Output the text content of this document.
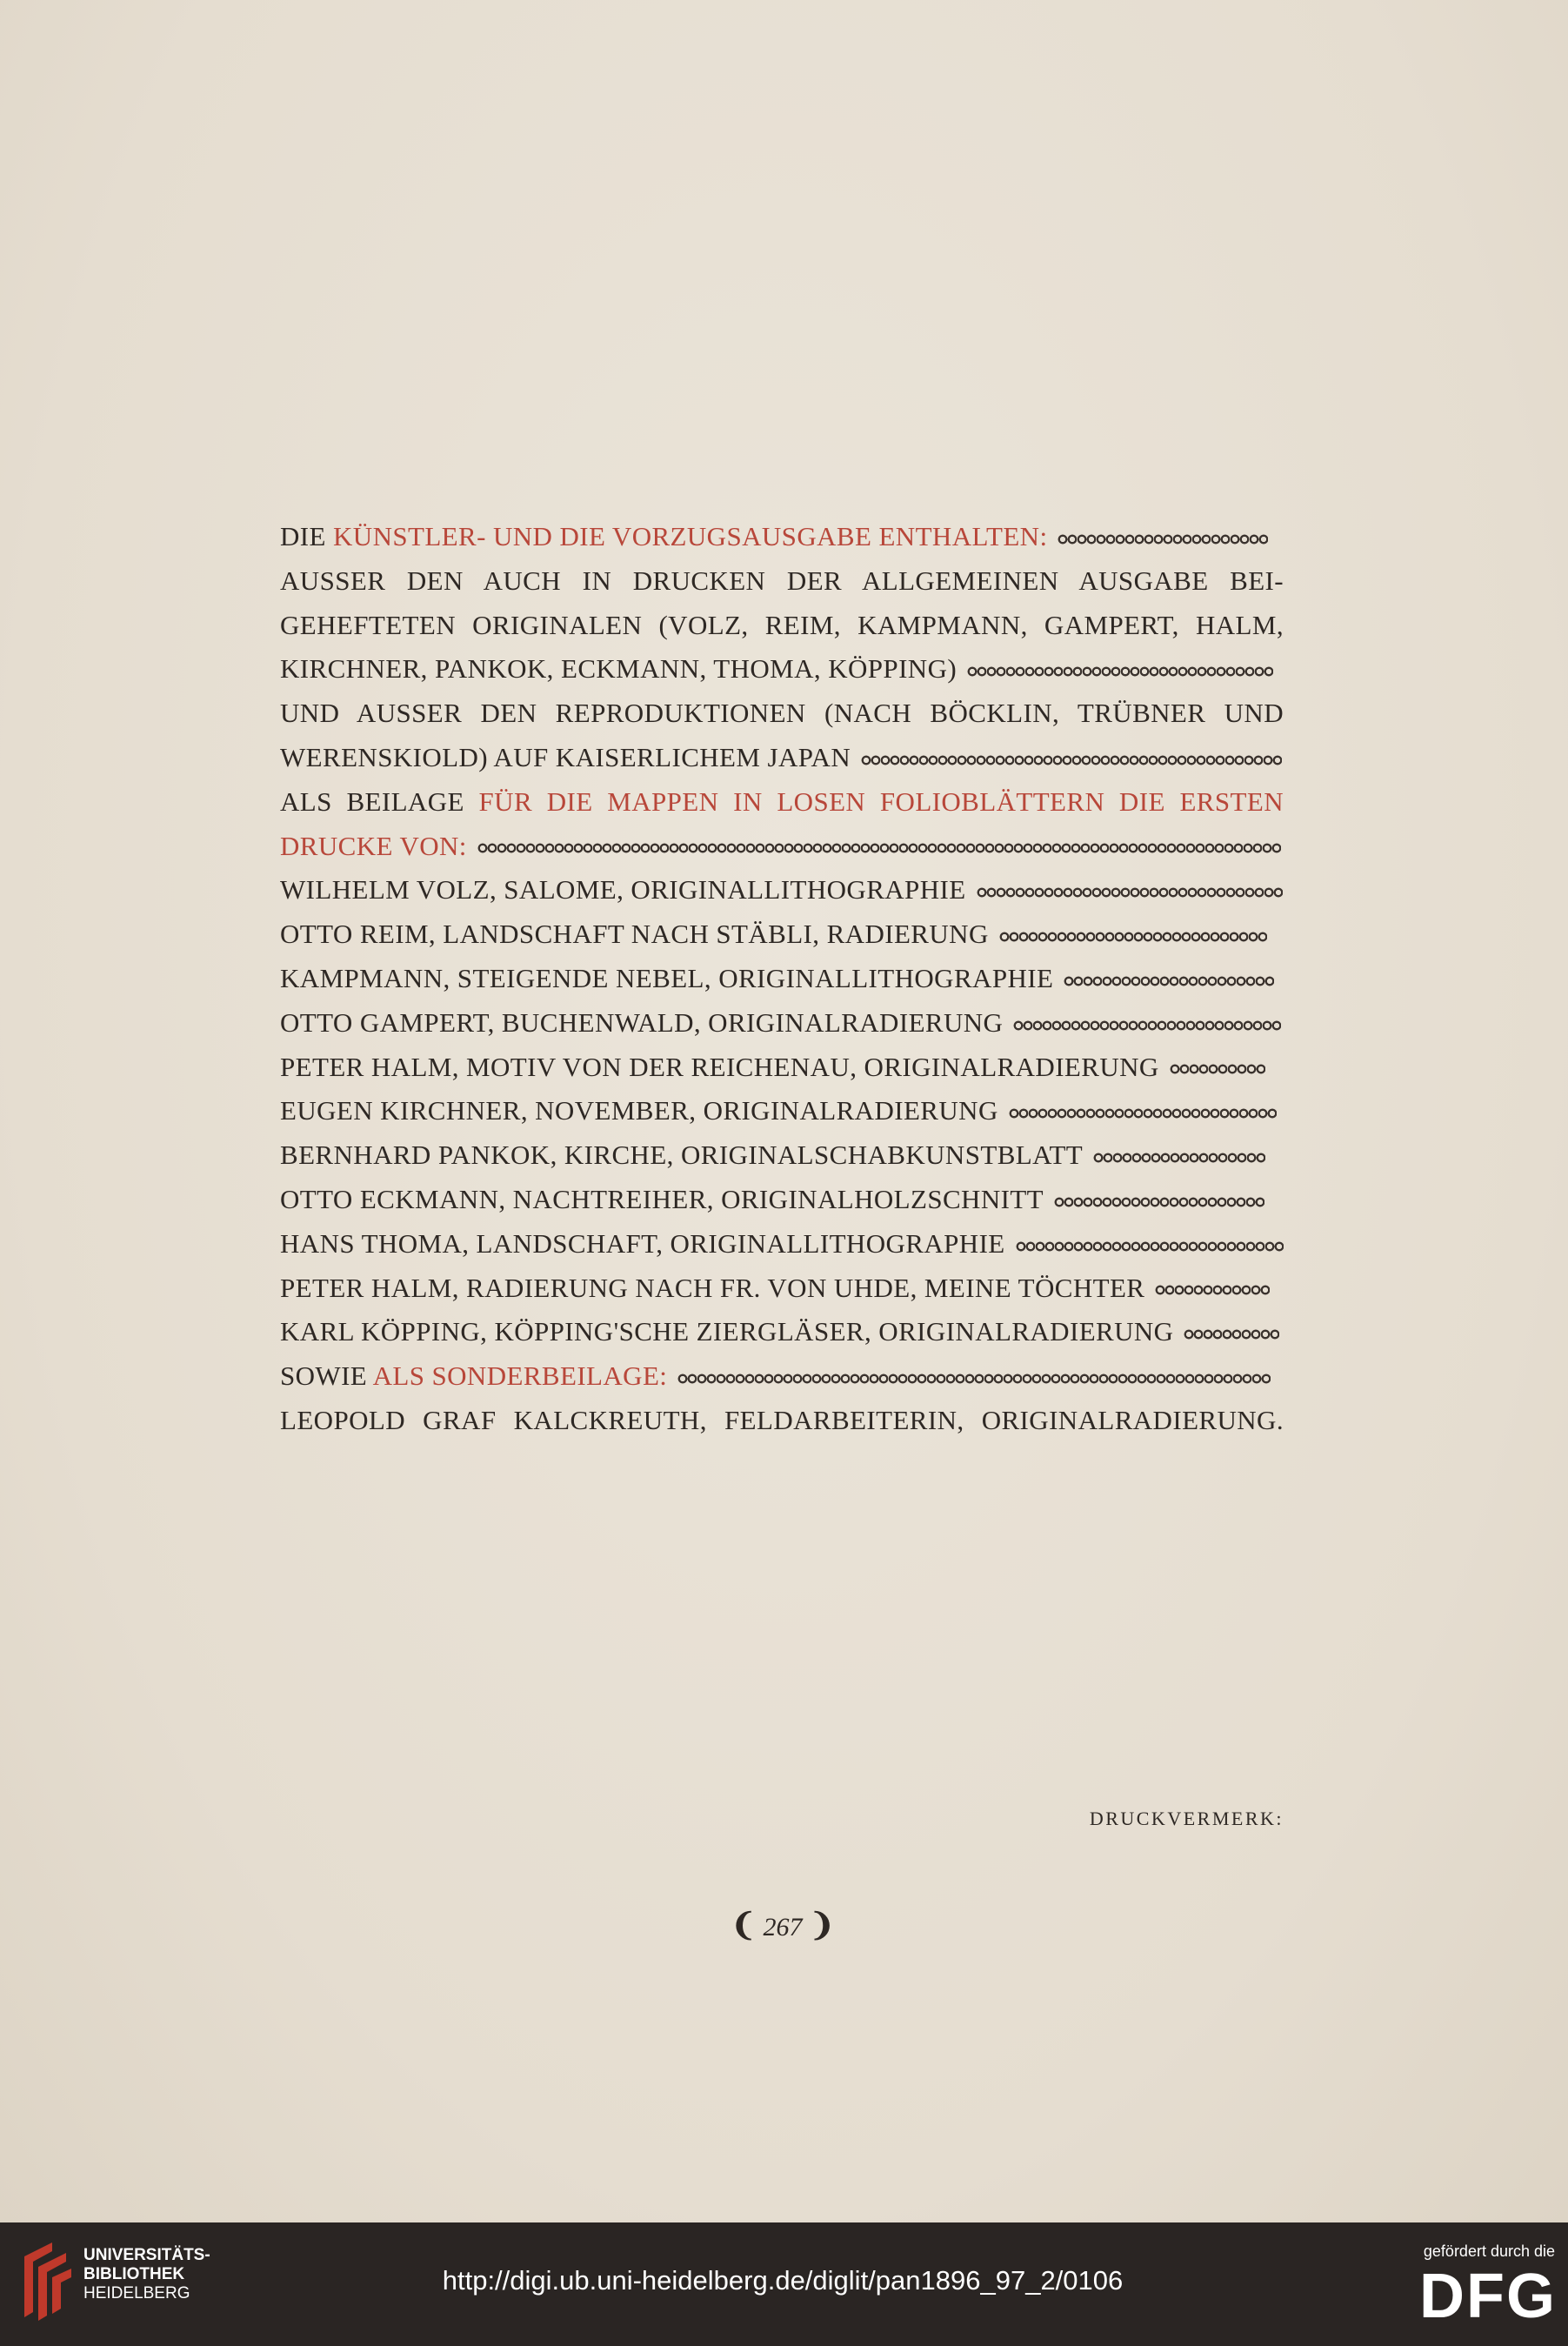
DIE KÜNSTLER- UND DIE VORZUGSAUSGABE ENTHALTEN:
AUSSER DEN AUCH IN DRUCKEN DER ALLGEMEINEN AUSGABE BEI-
GEHEFTETEN ORIGINALEN (VOLZ, REIM, KAMPMANN, GAMPERT, HALM,
KIRCHNER, PANKOK, ECKMANN, THOMA, KÖPPING)
UND AUSSER DEN REPRODUKTIONEN (NACH BÖCKLIN, TRÜBNER UND
WERENSKIOLD) AUF KAISERLICHEM JAPAN
ALS BEILAGE FÜR DIE MAPPEN IN LOSEN FOLIOBLÄTTERN DIE ERSTEN
DRUCKE VON:
WILHELM VOLZ, SALOME, ORIGINALLITHOGRAPHIE
OTTO REIM, LANDSCHAFT NACH STÄBLI, RADIERUNG
KAMPMANN, STEIGENDE NEBEL, ORIGINALLITHOGRAPHIE
OTTO GAMPERT, BUCHENWALD, ORIGINALRADIERUNG
PETER HALM, MOTIV VON DER REICHENAU, ORIGINALRADIERUNG
EUGEN KIRCHNER, NOVEMBER, ORIGINALRADIERUNG
BERNHARD PANKOK, KIRCHE, ORIGINALSCHABKUNSTBLATT
OTTO ECKMANN, NACHTREIHER, ORIGINALHOLZSCHNITT
HANS THOMA, LANDSCHAFT, ORIGINALLITHOGRAPHIE
PETER HALM, RADIERUNG NACH FR. VON UHDE, MEINE TÖCHTER
KARL KÖPPING, KÖPPING'SCHE ZIERGLÄSER, ORIGINALRADIERUNG
SOWIE ALS SONDERBEILAGE:
LEOPOLD GRAF KALCKREUTH, FELDARBEITERIN, ORIGINALRADIERUNG.
DRUCKVERMERK:
❨ 267 ❩
UNIVERSITÄTS-
BIBLIOTHEK
HEIDELBERG	http://digi.ub.uni-heidelberg.de/diglit/pan1896_97_2/0106
gefördert durch die
DFG
